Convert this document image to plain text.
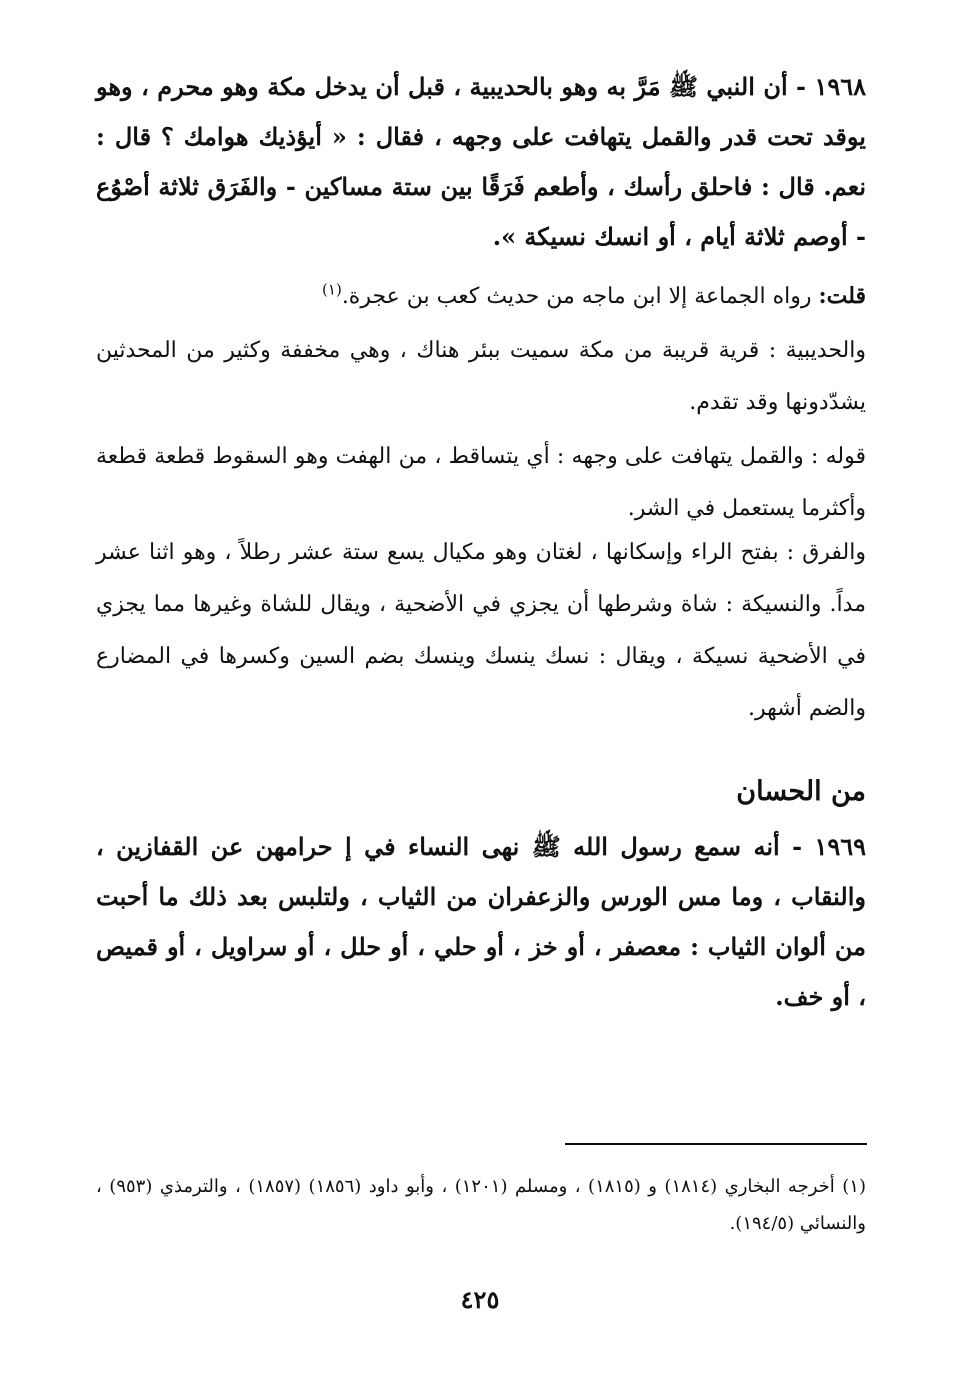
١٩٦٨ - أن النبي ﷺ مَرَّ به وهو بالحديبية ، قبل أن يدخل مكة وهو محرم ، وهو يوقد تحت قدر والقمل يتهافت على وجهه ، فقال : « أيؤذيك هوامك ؟ قال : نعم. قال : فاحلق رأسك ، وأطعم فَرَقًا بين ستة مساكين - والفَرَق ثلاثة أصْوُع - أوصم ثلاثة أيام ، أو انسك نسيكة ».

قلت: رواه الجماعة إلا ابن ماجه من حديث كعب بن عجرة.$^{(١)}$

والحديبية : قرية قريبة من مكة سميت ببئر هناك ، وهي مخففة وكثير من المحدثين يشدّدونها وقد تقدم.

قوله : والقمل يتهافت على وجهه : أي يتساقط ، من الهفت وهو السقوط قطعة قطعة وأكثرما يستعمل في الشر.

والفرق : بفتح الراء وإسكانها ، لغتان وهو مكيال يسع ستة عشر رطلاً ، وهو اثنا عشر مداً. والنسيكة : شاة وشرطها أن يجزي في الأضحية ، ويقال للشاة وغيرها مما يجزي في الأضحية نسيكة ، ويقال : نسك ينسك وينسك بضم السين وكسرها في المضارع والضم أشهر.

من الحسان

١٩٦٩ - أنه سمع رسول الله ﷺ نهى النساء في إ حرامهن عن القفازين ، والنقاب ، وما مس الورس والزعفران من الثياب ، ولتلبس بعد ذلك ما أحبت من ألوان الثياب : معصفر ، أو خز ، أو حلي ، أو حلل ، أو سراويل ، أو قميص ، أو خف.

(١) أخرجه البخاري (١٨١٤) و (١٨١٥) ، ومسلم (١٢٠١) ، وأبو داود (١٨٥٦) (١٨٥٧) ، والترمذي (٩٥٣) ، والنسائي (١٩٤/٥).

٤٢٥
